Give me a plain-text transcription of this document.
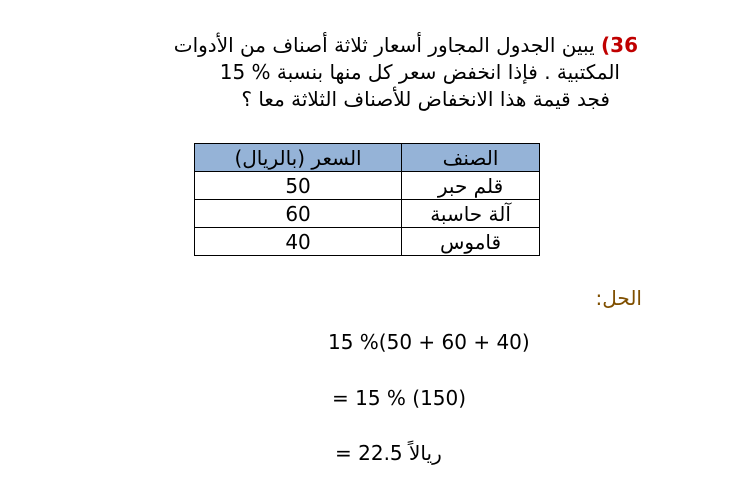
36) يبين الجدول المجاور أسعار ثلاثة أصناف من الأدوات
المكتبية . فإذا انخفض سعر كل منها بنسبة % 15
فجد قيمة هذا الانخفاض للأصناف الثلاثة معا ؟
الصنف	السعر (بالريال)
قلم حبر	50
آلة حاسبة	60
قاموس	40
الحل:
15 %(50 + 60 + 40)
= 15 % (150)
= 22.5 ريالاً
